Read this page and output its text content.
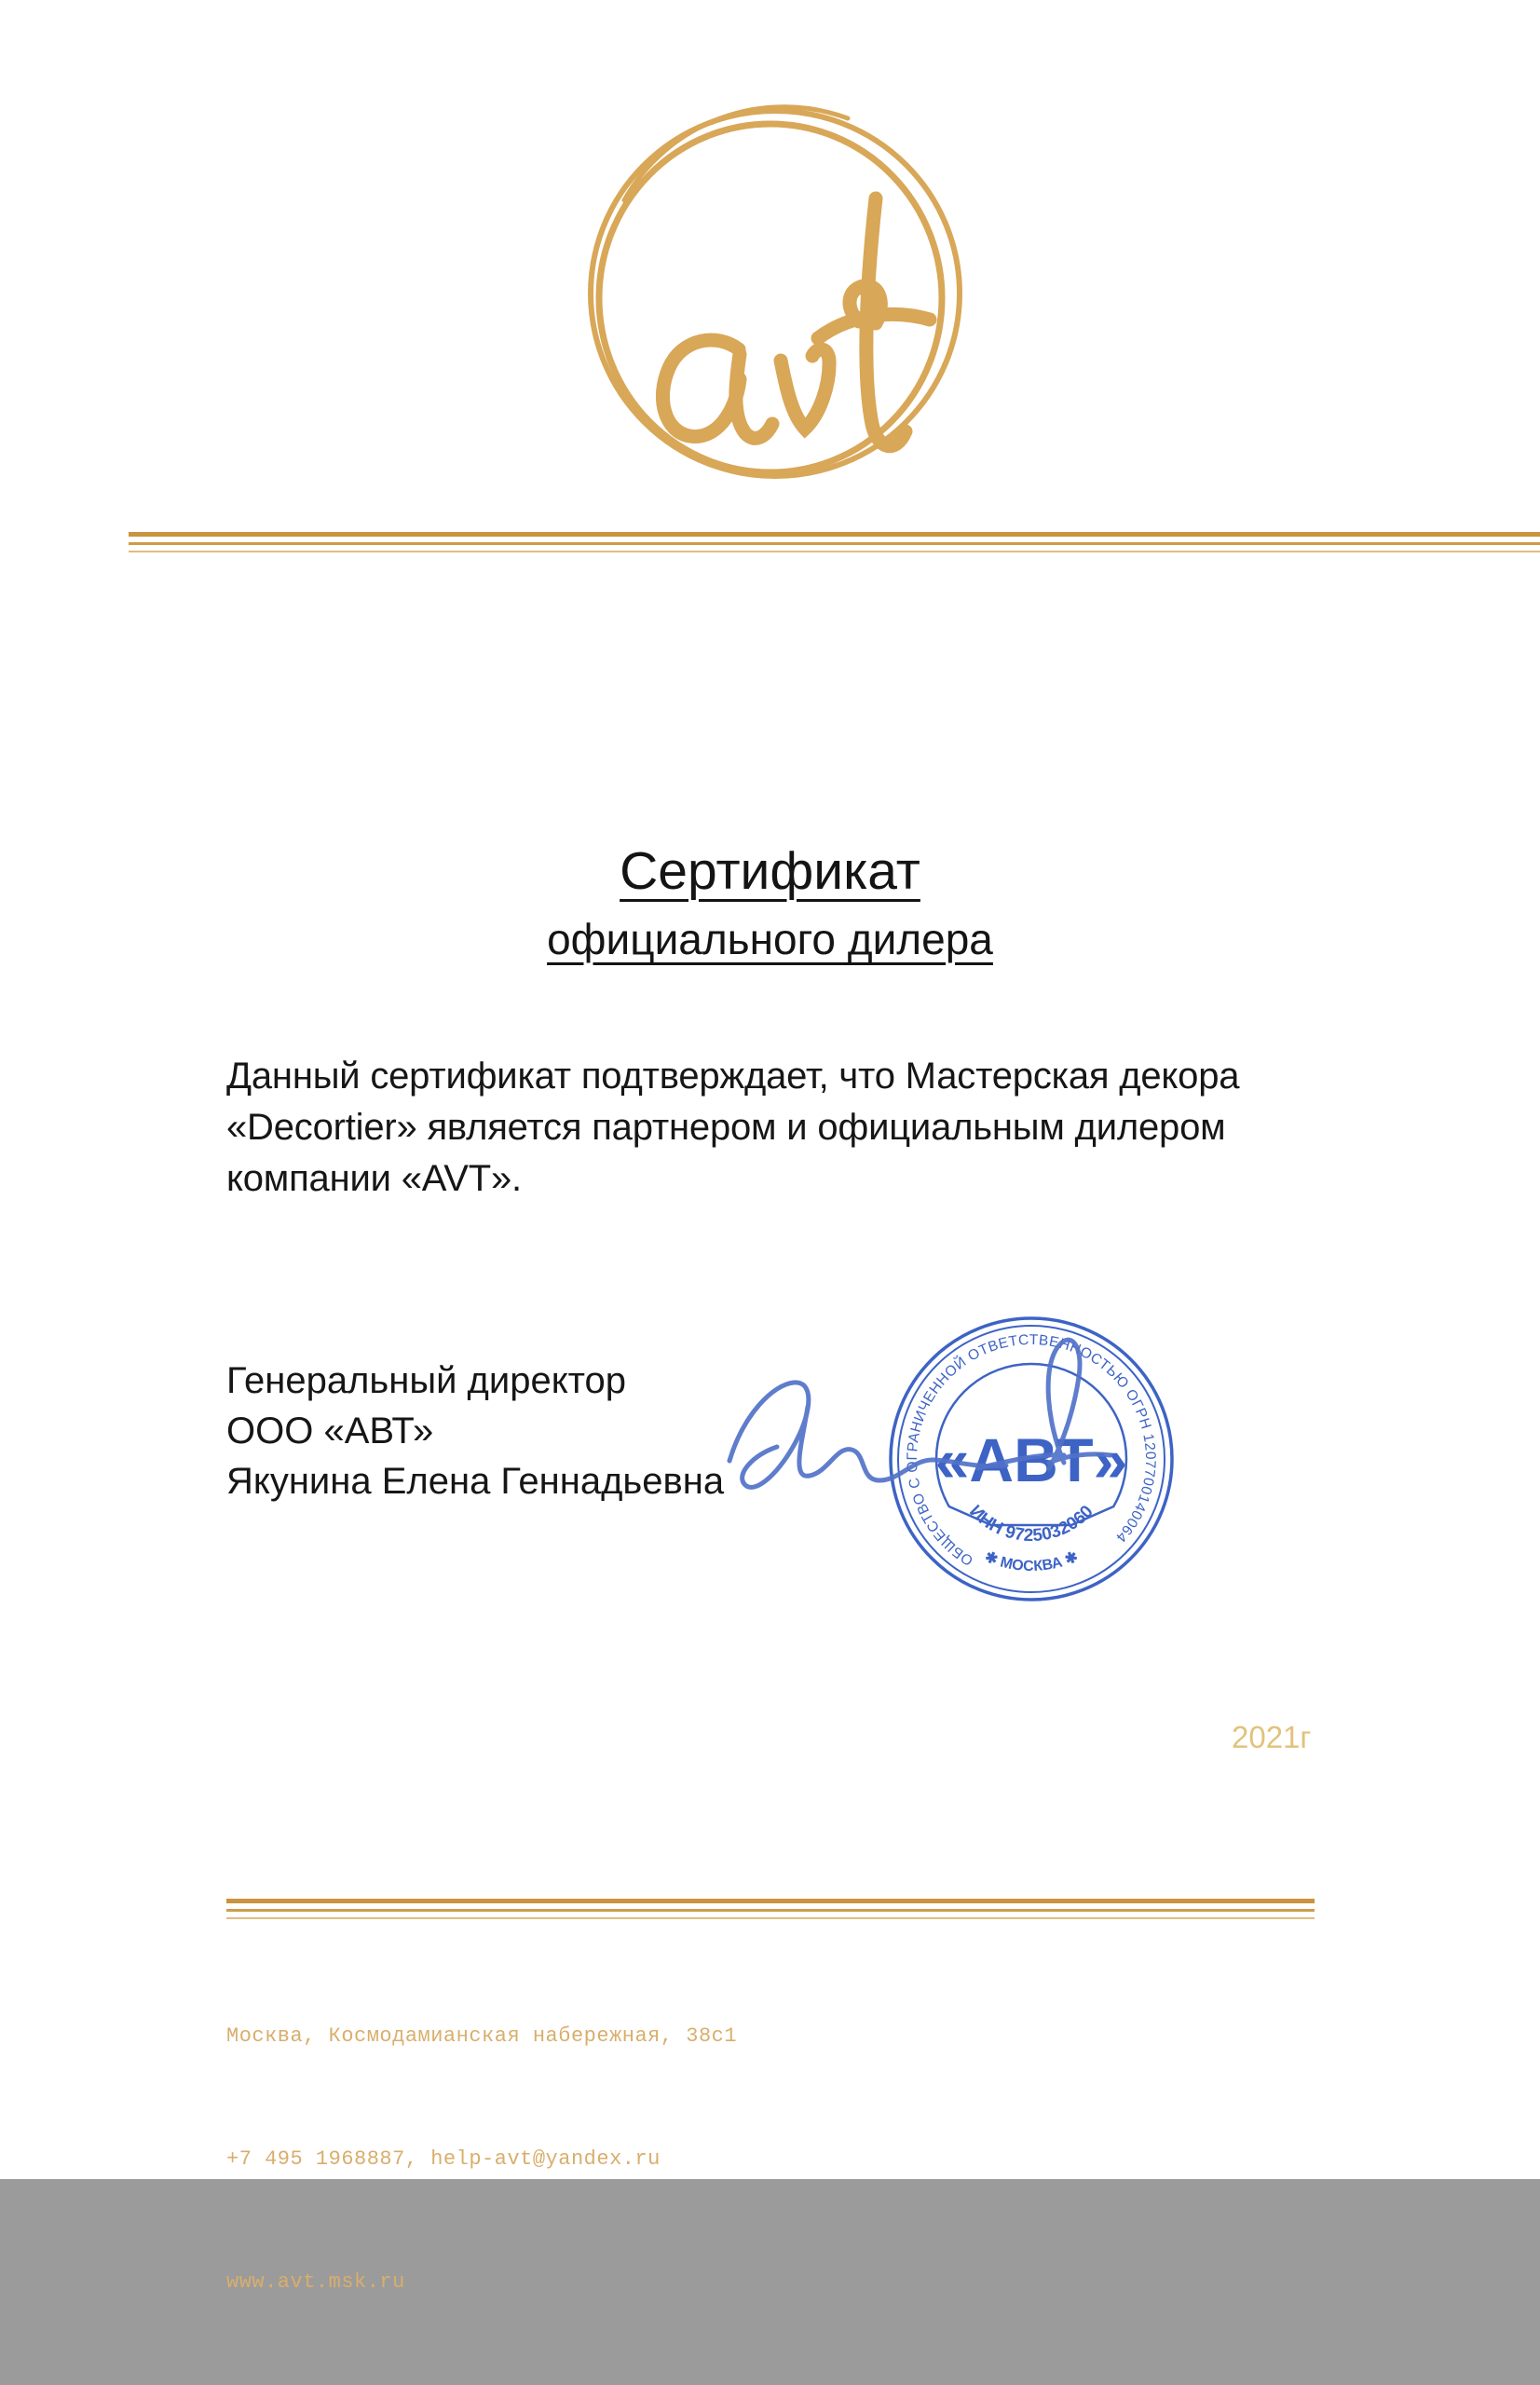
Сертификат
официального дилера
Данный сертификат подтверждает, что Мастерская декора
«Decortier» является партнером и официальным дилером
компании «AVT».
Генеральный директор
ООО «АВТ»
Якунина Елена Геннадьевна
ОБЩЕСТВО С ОГРАНИЧЕННОЙ ОТВЕТСТВЕННОСТЬЮ ОГРН 1207700140064
ИНН 9725032060
✱ МОСКВА ✱
«АВТ»
2021г

Москва, Космодамианская набережная, 38с1

+7 495 1968887, help-avt@yandex.ru

www.avt.msk.ru
